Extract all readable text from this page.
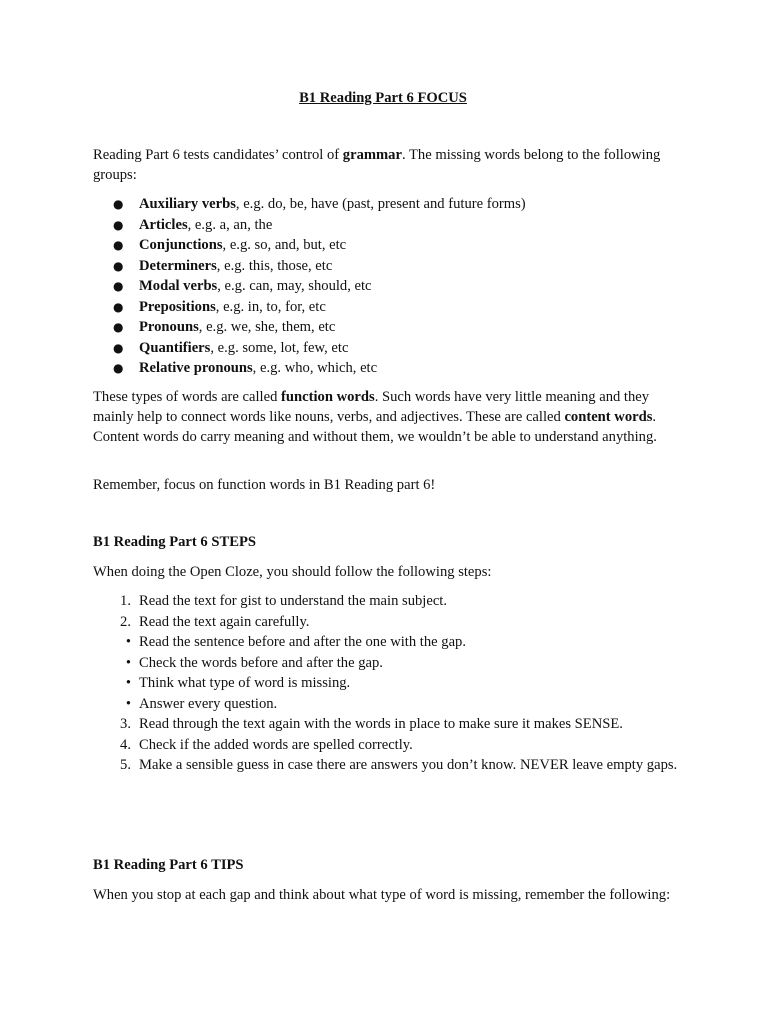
B1 Reading Part 6 FOCUS

Reading Part 6 tests candidates’ control of grammar. The missing words belong to the following groups:

●	Auxiliary verbs, e.g. do, be, have (past, present and future forms)
●	Articles, e.g. a, an, the
●	Conjunctions, e.g. so, and, but, etc
●	Determiners, e.g. this, those, etc
●	Modal verbs, e.g. can, may, should, etc
●	Prepositions, e.g. in, to, for, etc
●	Pronouns, e.g. we, she, them, etc
●	Quantifiers, e.g. some, lot, few, etc
●	Relative pronouns, e.g. who, which, etc

These types of words are called function words. Such words have very little meaning and they mainly help to connect words like nouns, verbs, and adjectives. These are called content words. Content words do carry meaning and without them, we wouldn’t be able to understand anything.

Remember, focus on function words in B1 Reading part 6!

B1 Reading Part 6 STEPS

When doing the Open Cloze, you should follow the following steps:

1. Read the text for gist to understand the main subject.
2. Read the text again carefully.
• Read the sentence before and after the one with the gap.
• Check the words before and after the gap.
• Think what type of word is missing.
• Answer every question.
3. Read through the text again with the words in place to make sure it makes SENSE.
4. Check if the added words are spelled correctly.
5. Make a sensible guess in case there are answers you don’t know. NEVER leave empty gaps.

B1 Reading Part 6 TIPS

When you stop at each gap and think about what type of word is missing, remember the following:
